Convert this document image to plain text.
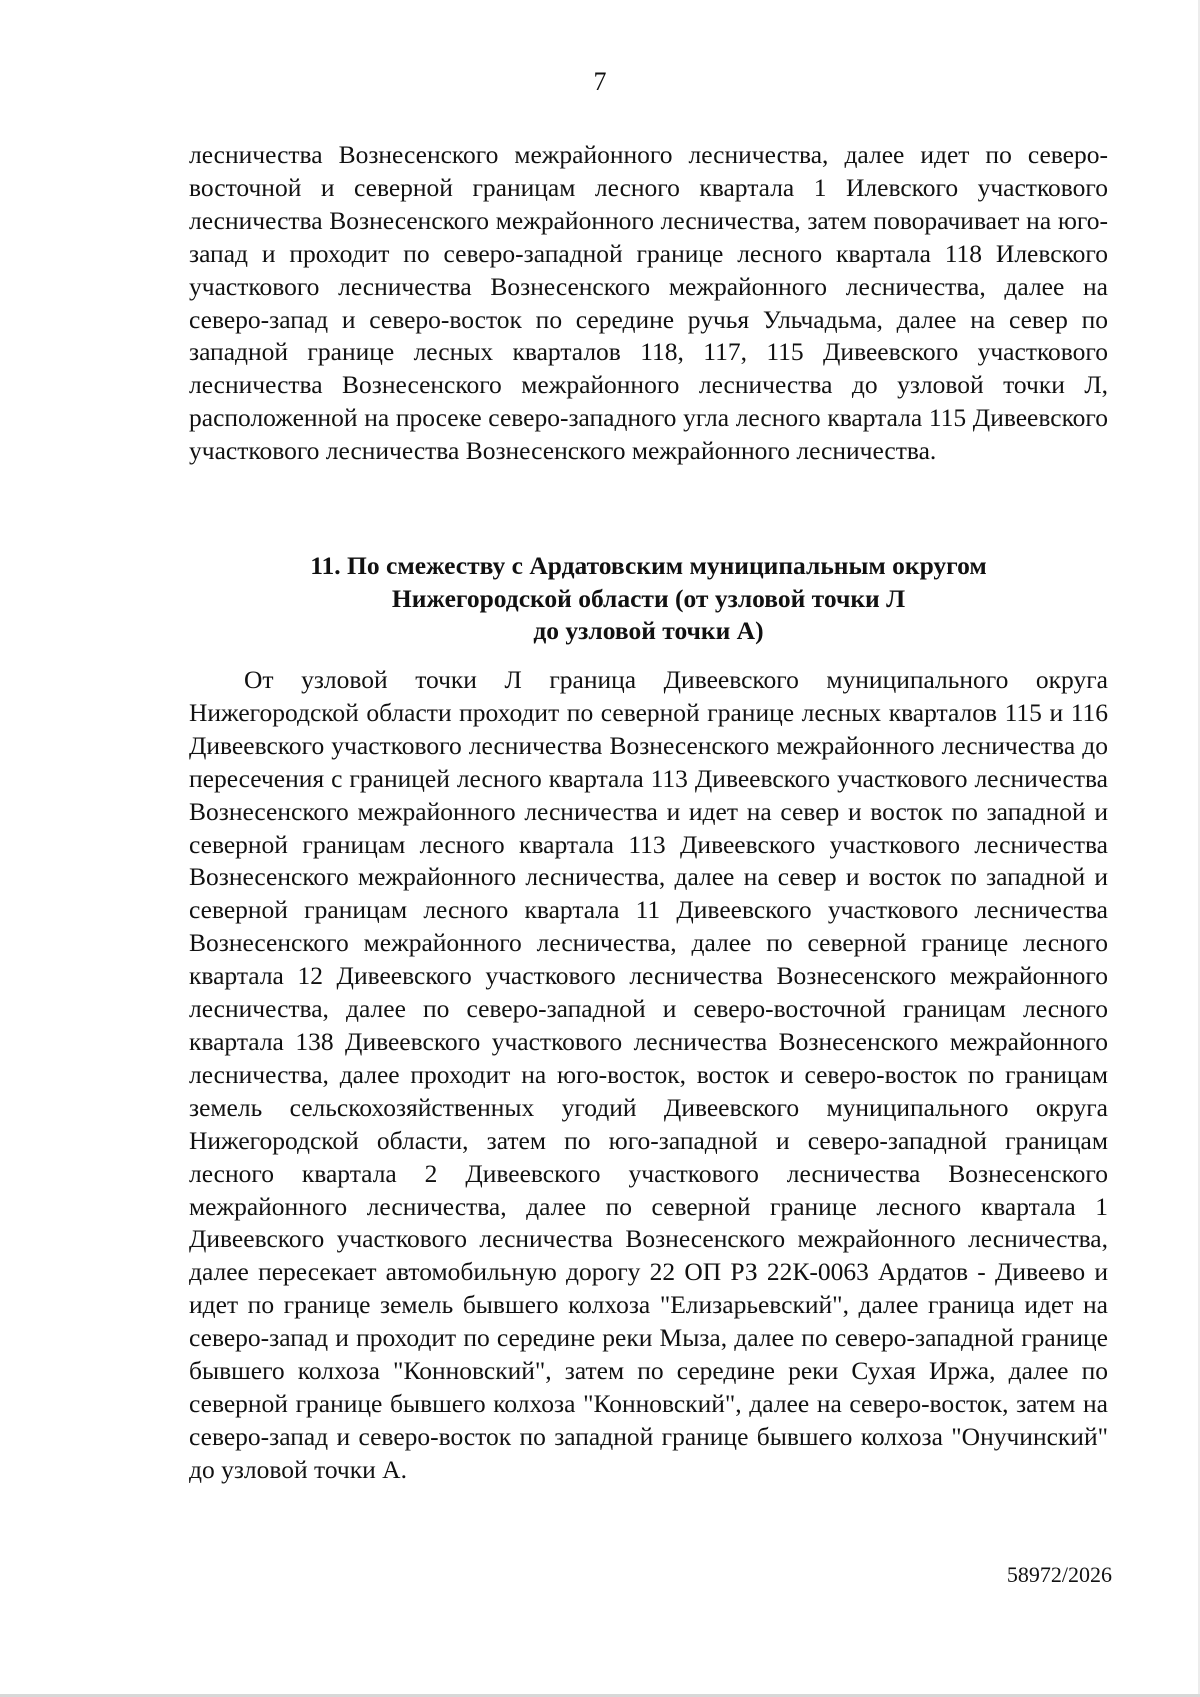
7

лесничества Вознесенского межрайонного лесничества, далее идет по северо-восточной и северной границам лесного квартала 1 Илевского участкового лесничества Вознесенского межрайонного лесничества, затем поворачивает на юго-запад и проходит по северо-западной границе лесного квартала 118 Илевского участкового лесничества Вознесенского межрайонного лесничества, далее на северо-запад и северо-восток по середине ручья Ульчадьма, далее на север по западной границе лесных кварталов 118, 117, 115 Дивеевского участкового лесничества Вознесенского межрайонного лесничества до узловой точки Л, расположенной на просеке северо-западного угла лесного квартала 115 Дивеевского участкового лесничества Вознесенского межрайонного лесничества.

11. По смежеству с Ардатовским муниципальным округом
Нижегородской области (от узловой точки Л
до узловой точки А)

От узловой точки Л граница Дивеевского муниципального округа Нижегородской области проходит по северной границе лесных кварталов 115 и 116 Дивеевского участкового лесничества Вознесенского межрайонного лесничества до пересечения с границей лесного квартала 113 Дивеевского участкового лесничества Вознесенского межрайонного лесничества и идет на север и восток по западной и северной границам лесного квартала 113 Дивеевского участкового лесничества Вознесенского межрайонного лесничества, далее на север и восток по западной и северной границам лесного квартала 11 Дивеевского участкового лесничества Вознесенского межрайонного лесничества, далее по северной границе лесного квартала 12 Дивеевского участкового лесничества Вознесенского межрайонного лесничества, далее по северо-западной и северо-восточной границам лесного квартала 138 Дивеевского участкового лесничества Вознесенского межрайонного лесничества, далее проходит на юго-восток, восток и северо-восток по границам земель сельскохозяйственных угодий Дивеевского муниципального округа Нижегородской области, затем по юго-западной и северо-западной границам лесного квартала 2 Дивеевского участкового лесничества Вознесенского межрайонного лесничества, далее по северной границе лесного квартала 1 Дивеевского участкового лесничества Вознесенского межрайонного лесничества, далее пересекает автомобильную дорогу 22 ОП РЗ 22К-0063 Ардатов - Дивеево и идет по границе земель бывшего колхоза "Елизарьевский", далее граница идет на северо-запад и проходит по середине реки Мыза, далее по северо-западной границе бывшего колхоза "Конновский", затем по середине реки Сухая Иржа, далее по северной границе бывшего колхоза "Конновский", далее на северо-восток, затем на северо-запад и северо-восток по западной границе бывшего колхоза "Онучинский" до узловой точки А.

58972/2026
